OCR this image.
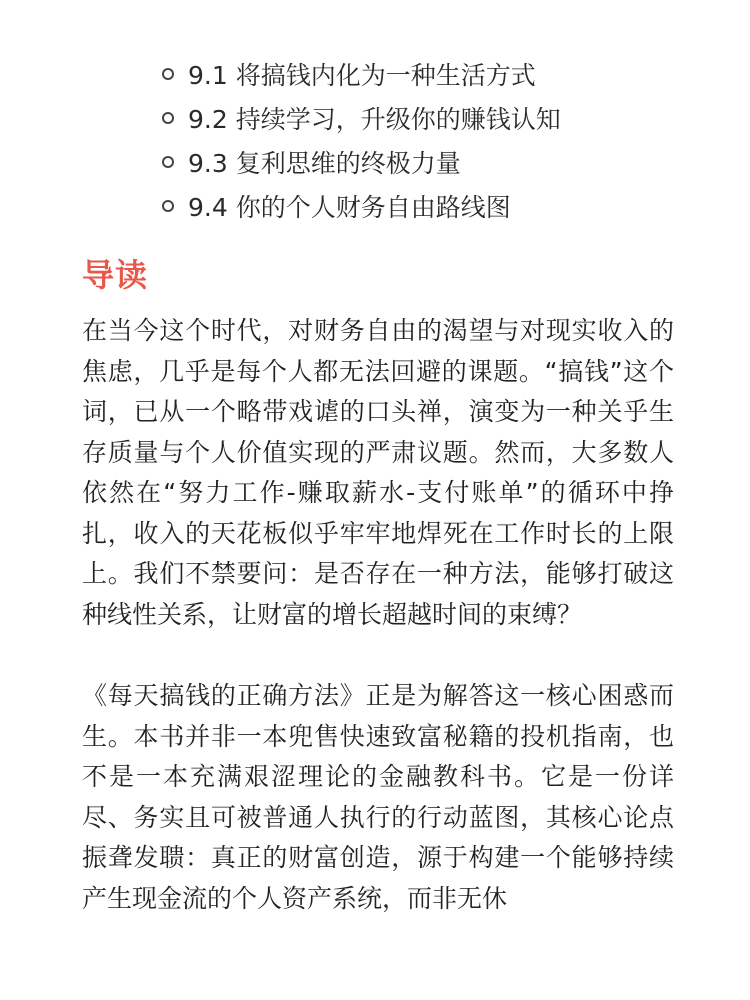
9.1 将搞钱内化为一种生活方式
9.2 持续学习，升级你的赚钱认知
9.3 复利思维的终极力量
9.4 你的个人财务自由路线图
导读

在当今这个时代，对财务自由的渴望与对现实收入的焦虑，几乎是每个人都无法回避的课题。“搞钱”这个词，已从一个略带戏谑的口头禅，演变为一种关乎生存质量与个人价值实现的严肃议题。然而，大多数人依然在“努力工作-赚取薪水-支付账单”的循环中挣扎，收入的天花板似乎牢牢地焊死在工作时长的上限上。我们不禁要问：是否存在一种方法，能够打破这种线性关系，让财富的增长超越时间的束缚？

《每天搞钱的正确方法》正是为解答这一核心困惑而生。本书并非一本兜售快速致富秘籍的投机指南，也不是一本充满艰涩理论的金融教科书。它是一份详尽、务实且可被普通人执行的行动蓝图，其核心论点振聋发聩：真正的财富创造，源于构建一个能够持续产生现金流的个人资产系统，而非无休
